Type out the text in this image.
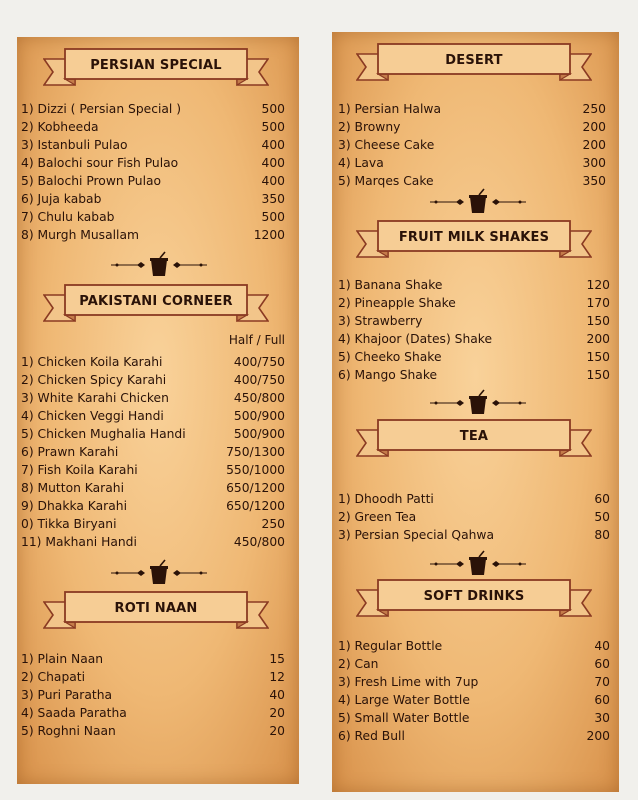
PERSIAN SPECIAL
1) Dizzi ( Persian Special )	500
2) Kobheeda	500
3) Istanbuli Pulao	400
4) Balochi sour Fish Pulao	400
5) Balochi Prown Pulao	400
6) Juja kabab	350
7) Chulu kabab	500
8) Murgh Musallam	1200
PAKISTANI CORNEER
Half / Full
1) Chicken Koila Karahi	400/750
2) Chicken Spicy Karahi	400/750
3) White Karahi Chicken	450/800
4) Chicken Veggi Handi	500/900
5) Chicken Mughalia Handi	500/900
6) Prawn Karahi	750/1300
7) Fish Koila Karahi	550/1000
8) Mutton Karahi	650/1200
9) Dhakka Karahi	650/1200
0) Tikka Biryani	250
11) Makhani Handi	450/800
ROTI NAAN
1) Plain Naan	15
2) Chapati	12
3) Puri Paratha	40
4) Saada Paratha	20
5) Roghni Naan	20
DESERT
1) Persian Halwa	250
2) Browny	200
3) Cheese Cake	200
4) Lava	300
5) Marqes Cake	350
FRUIT MILK SHAKES
1) Banana Shake	120
2) Pineapple Shake	170
3) Strawberry	150
4) Khajoor (Dates) Shake	200
5) Cheeko Shake	150
6) Mango Shake	150
TEA
1) Dhoodh Patti	60
2) Green Tea	50
3) Persian Special Qahwa	80
SOFT DRINKS
1) Regular Bottle	40
2) Can	60
3) Fresh Lime with 7up	70
4) Large Water Bottle	60
5) Small Water Bottle	30
6) Red Bull	200
